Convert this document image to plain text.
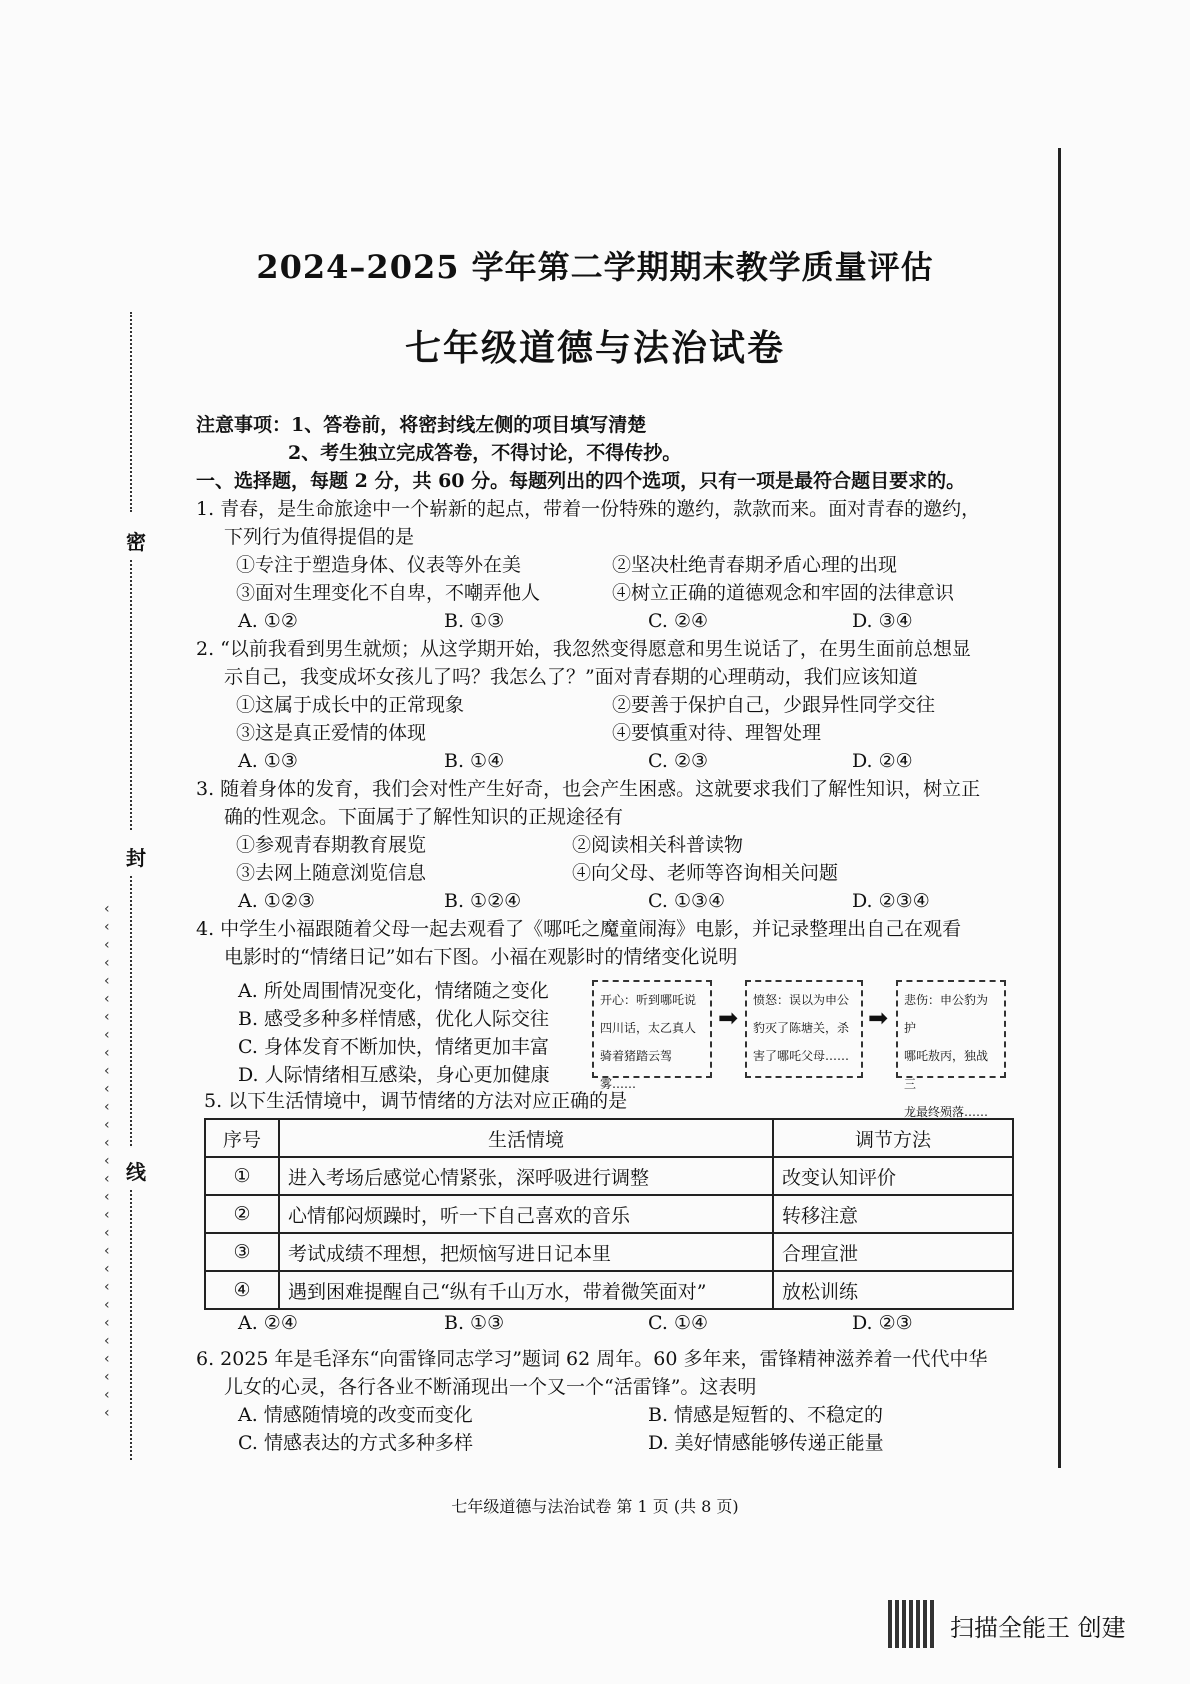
密
封
线
‹
‹
‹
‹
‹
‹
‹
‹
‹
‹
‹
‹
‹
‹
‹
‹
‹
‹
‹
‹
‹
‹
‹
‹
‹
‹
‹
‹
‹
2024–2025 学年第二学期期末教学质量评估
七年级道德与法治试卷
注意事项：1、答卷前，将密封线左侧的项目填写清楚
2、考生独立完成答卷，不得讨论，不得传抄。
一、选择题，每题 2 分，共 60 分。每题列出的四个选项，只有一项是最符合题目要求的。
1. 青春，是生命旅途中一个崭新的起点，带着一份特殊的邀约，款款而来。面对青春的邀约，
下列行为值得提倡的是
①专注于塑造身体、仪表等外在美	②坚决杜绝青春期矛盾心理的出现
③面对生理变化不自卑，不嘲弄他人	④树立正确的道德观念和牢固的法律意识
A. ①②	B. ①③	C. ②④	D. ③④
2. “以前我看到男生就烦；从这学期开始，我忽然变得愿意和男生说话了，在男生面前总想显
示自己，我变成坏女孩儿了吗？我怎么了？”面对青春期的心理萌动，我们应该知道
①这属于成长中的正常现象	②要善于保护自己，少跟异性同学交往
③这是真正爱情的体现	④要慎重对待、理智处理
A. ①③	B. ①④	C. ②③	D. ②④
3. 随着身体的发育，我们会对性产生好奇，也会产生困惑。这就要求我们了解性知识，树立正
确的性观念。下面属于了解性知识的正规途径有
①参观青春期教育展览	②阅读相关科普读物
③去网上随意浏览信息	④向父母、老师等咨询相关问题
A. ①②③	B. ①②④	C. ①③④	D. ②③④
4. 中学生小福跟随着父母一起去观看了《哪吒之魔童闹海》电影，并记录整理出自己在观看
电影时的“情绪日记”如右下图。小福在观影时的情绪变化说明
A. 所处周围情况变化，情绪随之变化
B. 感受多种多样情感，优化人际交往
C. 身体发育不断加快，情绪更加丰富
D. 人际情绪相互感染，身心更加健康
开心：听到哪吒说
四川话，太乙真人
骑着猪踏云驾
雾……
➡
愤怒：误以为申公
豹灭了陈塘关，杀
害了哪吒父母……
➡
悲伤：申公豹为护
哪吒敖丙，独战三
龙最终殒落……
5. 以下生活情境中，调节情绪的方法对应正确的是
序号	生活情境	调节方法
①	进入考场后感觉心情紧张，深呼吸进行调整	改变认知评价
②	心情郁闷烦躁时，听一下自己喜欢的音乐	转移注意
③	考试成绩不理想，把烦恼写进日记本里	合理宣泄
④	遇到困难提醒自己“纵有千山万水，带着微笑面对”	放松训练
A. ②④	B. ①③	C. ①④	D. ②③
6. 2025 年是毛泽东“向雷锋同志学习”题词 62 周年。60 多年来，雷锋精神滋养着一代代中华
儿女的心灵，各行各业不断涌现出一个又一个“活雷锋”。这表明
A. 情感随情境的改变而变化	B. 情感是短暂的、不稳定的
C. 情感表达的方式多种多样	D. 美好情感能够传递正能量
七年级道德与法治试卷 第 1 页 (共 8 页)
扫描全能王 创建
